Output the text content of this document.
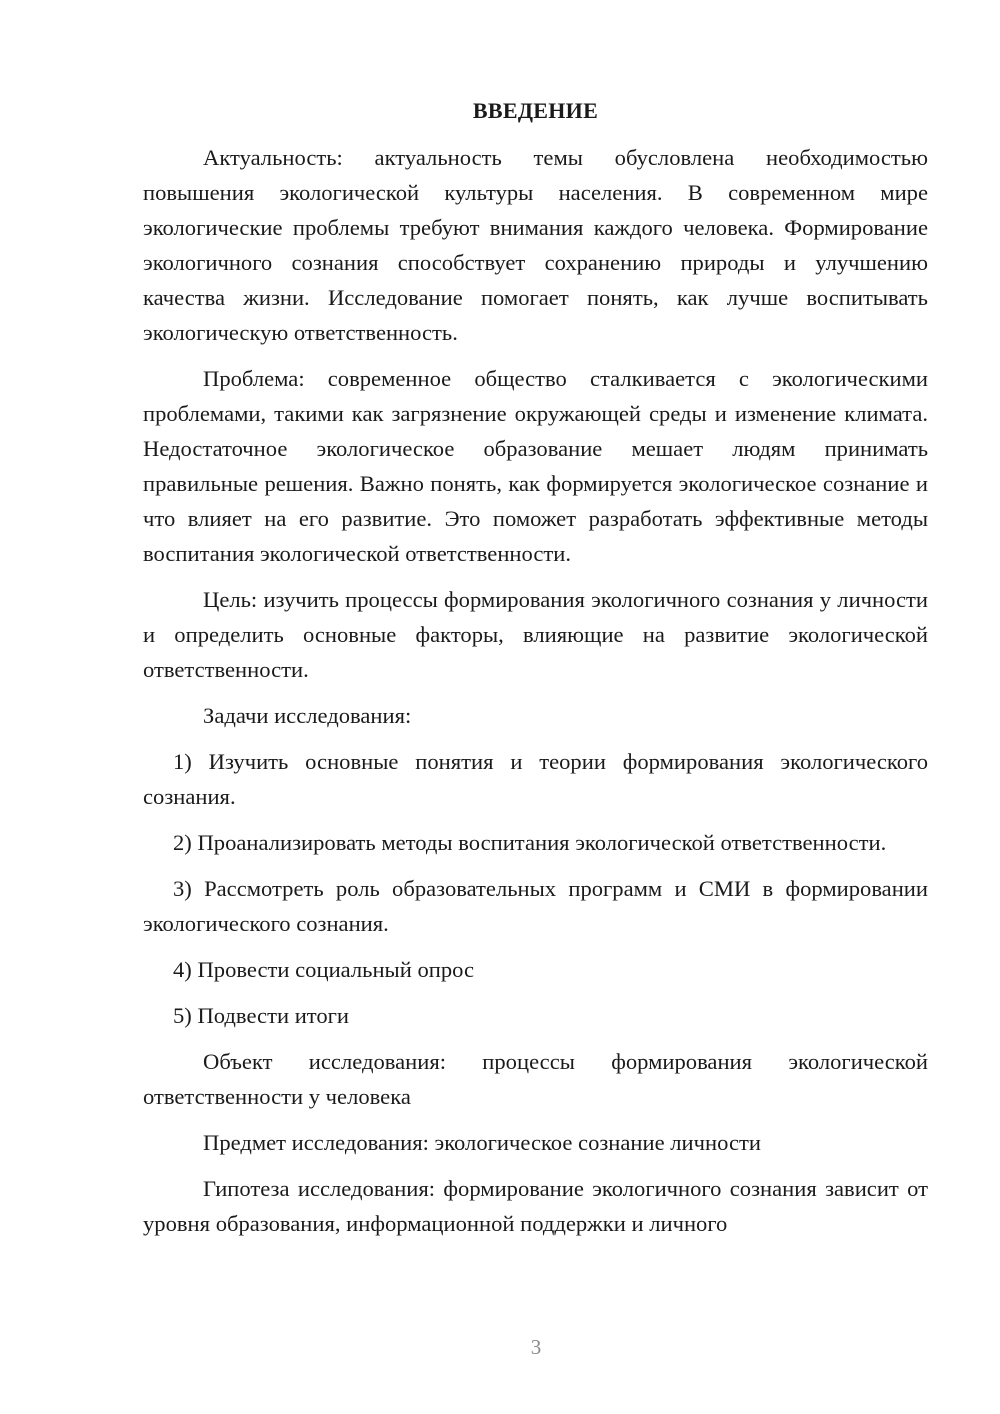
ВВЕДЕНИЕ

Актуальность: актуальность темы обусловлена необходимостью повышения экологической культуры населения. В современном мире экологические проблемы требуют внимания каждого человека. Формирование экологичного сознания способствует сохранению природы и улучшению качества жизни. Исследование помогает понять, как лучше воспитывать экологическую ответственность.

Проблема: современное общество сталкивается с экологическими проблемами, такими как загрязнение окружающей среды и изменение климата. Недостаточное экологическое образование мешает людям принимать правильные решения. Важно понять, как формируется экологическое сознание и что влияет на его развитие. Это поможет разработать эффективные методы воспитания экологической ответственности.

Цель: изучить процессы формирования экологичного сознания у личности и определить основные факторы, влияющие на развитие экологической ответственности.

Задачи исследования:

1) Изучить основные понятия и теории формирования экологического сознания.

2) Проанализировать методы воспитания экологической ответственности.

3) Рассмотреть роль образовательных программ и СМИ в формировании экологического сознания.

4) Провести социальный опрос

5) Подвести итоги

Объект исследования: процессы формирования экологической ответственности у человека

Предмет исследования: экологическое сознание личности

Гипотеза исследования: формирование экологичного сознания зависит от уровня образования, информационной поддержки и личного

3
